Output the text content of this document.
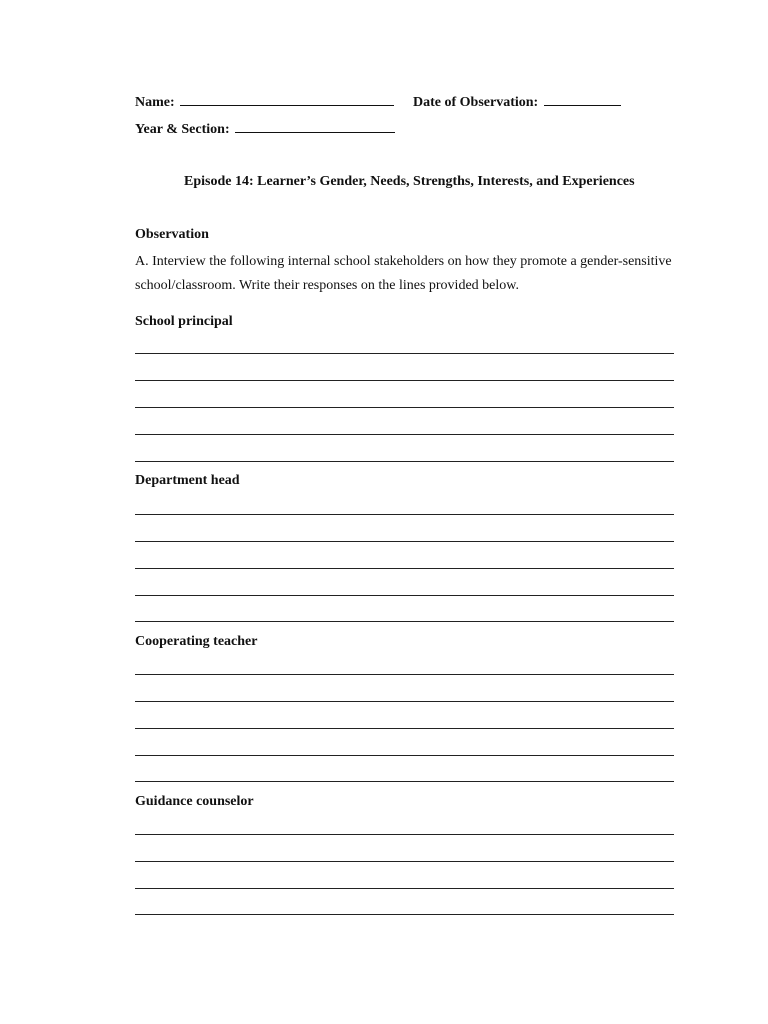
Name:	Date of Observation:
Year & Section:
Episode 14: Learner’s Gender, Needs, Strengths, Interests, and Experiences
Observation
A. Interview the following internal school stakeholders on how they promote a gender-sensitive
school/classroom. Write their responses on the lines provided below.
School principal
Department head
Cooperating teacher
Guidance counselor
